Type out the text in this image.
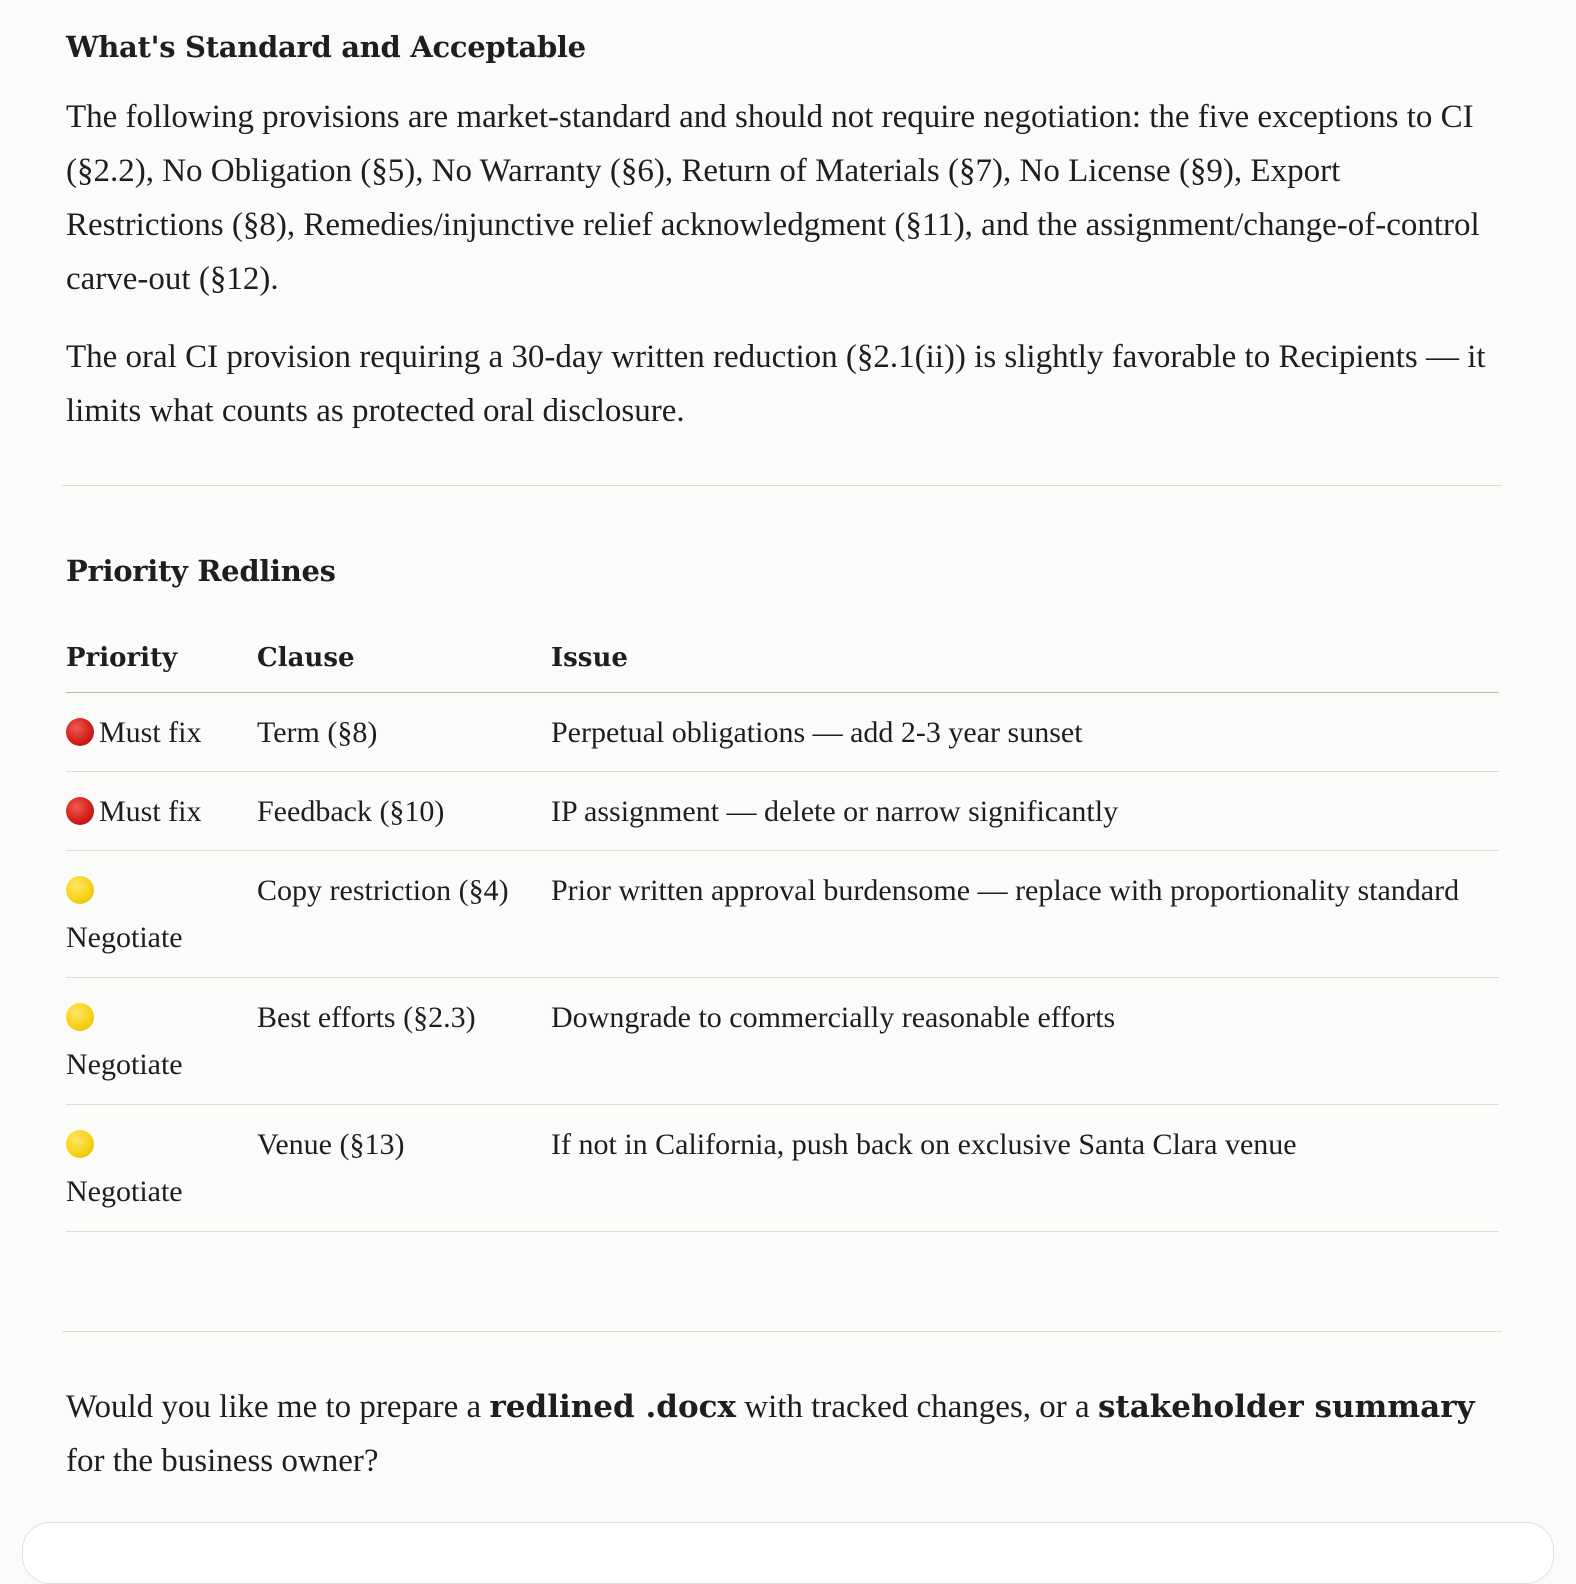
What's Standard and Acceptable

The following provisions are market-standard and should not require negotiation: the five exceptions to CI (§2.2), No Obligation (§5), No Warranty (§6), Return of Materials (§7), No License (§9), Export Restrictions (§8), Remedies/injunctive relief acknowledgment (§11), and the assignment/change-of-control carve-out (§12).

The oral CI provision requiring a 30-day written reduction (§2.1(ii)) is slightly favorable to Recipients — it limits what counts as protected oral disclosure.

Priority Redlines
Priority	Clause	Issue
Must fix	Term (§8)	Perpetual obligations — add 2-3 year sunset
Must fix	Feedback (§10)	IP assignment — delete or narrow significantly

Negotiate	Copy restriction (§4)	Prior written approval burdensome — replace with proportionality standard

Negotiate	Best efforts (§2.3)	Downgrade to commercially reasonable efforts

Negotiate	Venue (§13)	If not in California, push back on exclusive Santa Clara venue

Would you like me to prepare a redlined .docx with tracked changes, or a stakeholder summary for the business owner?
